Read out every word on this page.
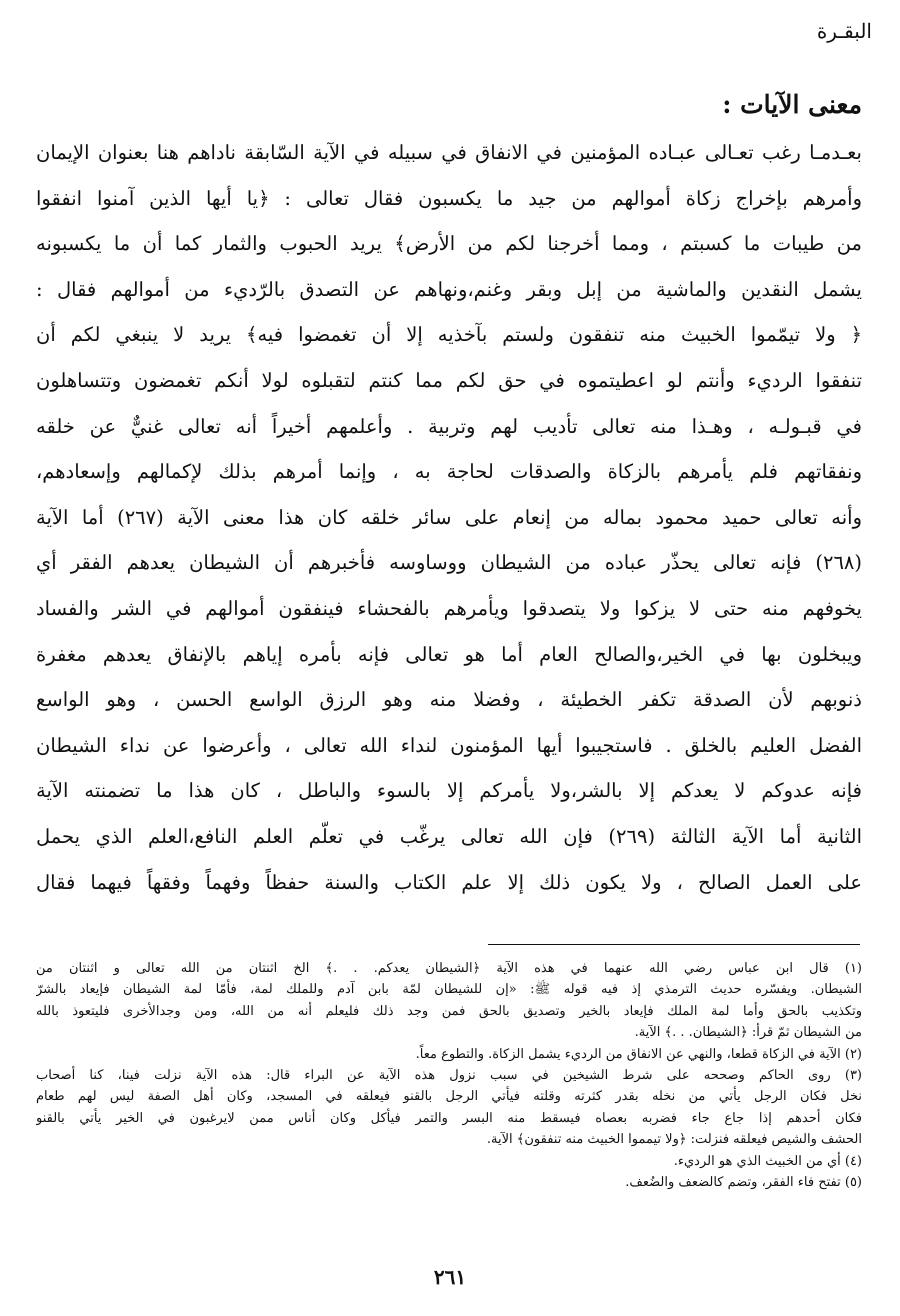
البقـرة
معنى الآيات :
بعـدمـا رغب تعـالى عبـاده المؤمنين في الانفاق في سبيله في الآية السّابقة ناداهم هنا بعنوان الإيمان
وأمرهم بإخراج زكاة أموالهم من جيد ما يكسبون فقال تعالى : ﴿يا أيها الذين آمنوا انفقوا
من طيبات ما كسبتم ، ومما أخرجنا لكم من الأرض﴾ يريد الحبوب والثمار كما أن ما يكسبونه
يشمل النقدين والماشية من إبل وبقر وغنم،ونهاهم عن التصدق بالرّديء من أموالهم فقال :
﴿ ولا تيمّموا الخبيث منه تنفقون ولستم بآخذيه إلا أن تغمضوا فيه﴾ يريد لا ينبغي لكم أن
تنفقوا الرديء وأنتم لو اعطيتموه في حق لكم مما كنتم لتقبلوه لولا أنكم تغمضون وتتساهلون
في قبـولـه ، وهـذا منه تعالى تأديب لهم وتربية . وأعلمهم أخيراً أنه تعالى غنيٌّ عن خلقه
ونفقاتهم فلم يأمرهم بالزكاة والصدقات لحاجة به ، وإنما أمرهم بذلك لإكمالهم وإسعادهم،
وأنه تعالى حميد محمود بماله من إنعام على سائر خلقه كان هذا معنى الآية (٢٦٧) أما الآية
(٢٦٨) فإنه تعالى يحذّر عباده من الشيطان ووساوسه فأخبرهم أن الشيطان يعدهم الفقر أي
يخوفهم منه حتى لا يزكوا ولا يتصدقوا ويأمرهم بالفحشاء فينفقون أموالهم في الشر والفساد
ويبخلون بها في الخير،والصالح العام أما هو تعالى فإنه بأمره إياهم بالإنفاق يعدهم مغفرة
ذنوبهم لأن الصدقة تكفر الخطيئة ، وفضلا منه وهو الرزق الواسع الحسن ، وهو الواسع
الفضل العليم بالخلق . فاستجيبوا أيها المؤمنون لنداء الله تعالى ، وأعرضوا عن نداء الشيطان
فإنه عدوكم لا يعدكم إلا بالشر،ولا يأمركم إلا بالسوء والباطل ، كان هذا ما تضمنته الآية
الثانية أما الآية الثالثة (٢٦٩) فإن الله تعالى يرغّب في تعلّم العلم النافع،العلم الذي يحمل
على العمل الصالح ، ولا يكون ذلك إلا علم الكتاب والسنة حفظاً وفهماً وفقهاً فيهما فقال
(١) قال ابن عباس رضي الله عنهما في هذه الآية ﴿الشيطان يعدكم. . .﴾ الخ اثنتان من الله تعالى و اثنتان من
الشيطان. ويفسّره حديث الترمذي إذ فيه قوله ﷺ: «إن للشيطان لمّة بابن آدم وللملك لمة، فأمّا لمة الشيطان فإيعاد بالشرّ
وتكذيب بالحق وأما لمة الملك فإيعاد بالخير وتصديق بالحق فمن وجد ذلك فليعلم أنه من الله، ومن وجدالأخرى فليتعوذ بالله
من الشيطان ثمّ قرأ: ﴿الشيطان. . .﴾ الآية.
(٢) الآية في الزكاة قطعا، والنهي عن الانفاق من الرديء يشمل الزكاة. والتطوع معاً.
(٣) روى الحاكم وصححه على شرط الشيخين في سبب نزول هذه الآية عن البراء قال: هذه الآية نزلت فينا، كنا أصحاب
نخل فكان الرجل يأتي من نخله بقدر كثرته وقلته فيأتي الرجل بالقنو فيعلقه في المسجد، وكان أهل الصفة ليس لهم طعام
فكان أحدهم إذا جاع جاء فضربه بعصاه فيسقط منه البسر والتمر فيأكل وكان أناس ممن لايرغبون في الخير يأتي بالقنو
الحشف والشيص فيعلقه فنزلت: ﴿ولا تيمموا الخبيث منه تنفقون﴾ الآية.
(٤) أي من الخبيث الذي هو الرديء.
(٥) تفتح فاء الفقر، وتضم كالضعف والضُعف.
٢٦١
